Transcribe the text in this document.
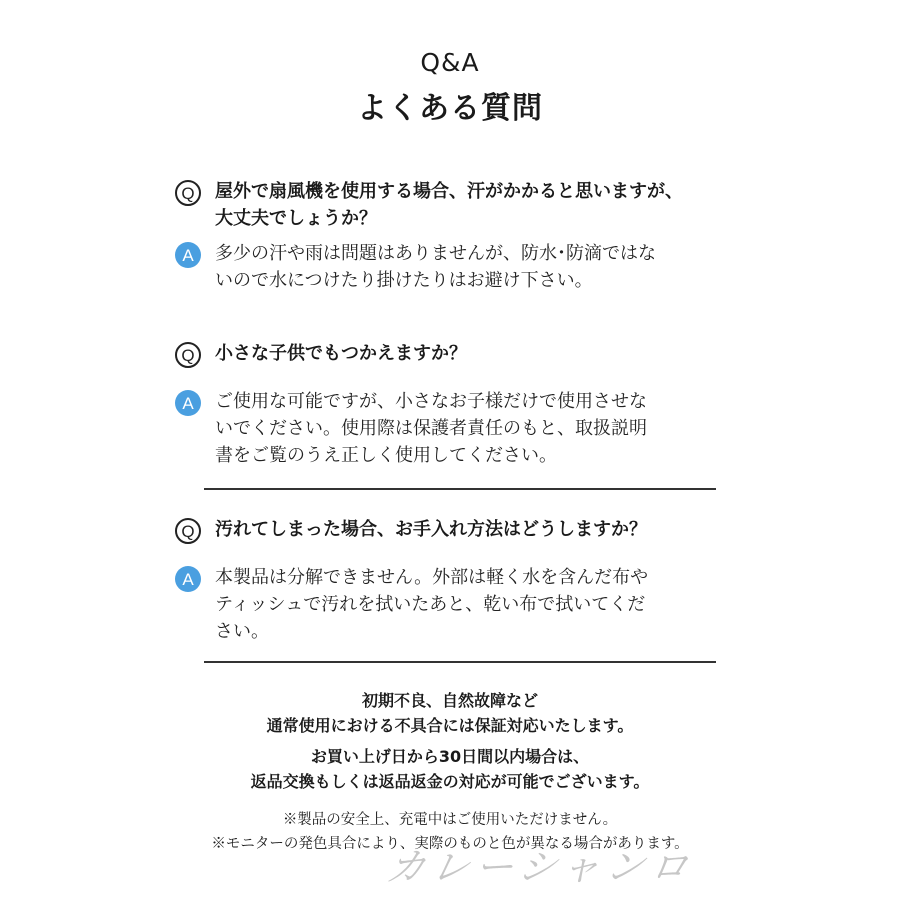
Q&A
よくある質問
Q	屋外で扇風機を使用する場合、汗がかかると思いますが、
大丈夫でしょうか？
A	多少の汗や雨は問題はありませんが、防水･防滴ではな
いので水につけたり掛けたりはお避け下さい。
Q	小さな子供でもつかえますか？
A	ご使用な可能ですが、小さなお子様だけで使用させな
いでください。使用際は保護者責任のもと、取扱説明
書をご覧のうえ正しく使用してください。
Q	汚れてしまった場合、お手入れ方法はどうしますか？
A	本製品は分解できません。外部は軽く水を含んだ布や
ティッシュで汚れを拭いたあと、乾い布で拭いてくだ
さい。
初期不良、自然故障など
通常使用における不具合には保証対応いたします。
お買い上げ日から30日間以内場合は、
返品交換もしくは返品返金の対応が可能でございます。
※製品の安全上、充電中はご使用いただけません。
※モニターの発色具合により、実際のものと色が異なる場合があります。
カレーシャンロ
